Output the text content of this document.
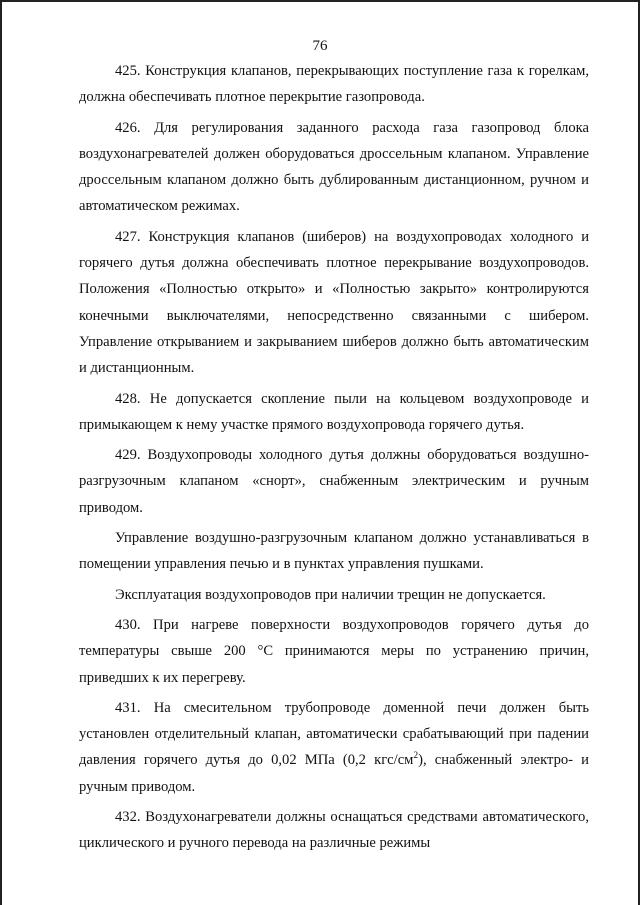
76

425. Конструкция клапанов, перекрывающих поступление газа к горелкам, должна обеспечивать плотное перекрытие газопровода.

426. Для регулирования заданного расхода газа газопровод блока воздухонагревателей должен оборудоваться дроссельным клапаном. Управление дроссельным клапаном должно быть дублированным дистанционном, ручном и автоматическом режимах.

427. Конструкция клапанов (шиберов) на воздухопроводах холодного и горячего дутья должна обеспечивать плотное перекрывание воздухопроводов. Положения «Полностью открыто» и «Полностью закрыто» контролируются конечными выключателями, непосредственно связанными с шибером. Управление открыванием и закрыванием шиберов должно быть автоматическим и дистанционным.

428. Не допускается скопление пыли на кольцевом воздухопроводе и примыкающем к нему участке прямого воздухопровода горячего дутья.

429. Воздухопроводы холодного дутья должны оборудоваться воздушно-разгрузочным клапаном «снорт», снабженным электрическим и ручным приводом.

Управление воздушно-разгрузочным клапаном должно устанавливаться в помещении управления печью и в пунктах управления пушками.

Эксплуатация воздухопроводов при наличии трещин не допускается.

430. При нагреве поверхности воздухопроводов горячего дутья до температуры свыше 200 °С принимаются меры по устранению причин, приведших к их перегреву.

431. На смесительном трубопроводе доменной печи должен быть установлен отделительный клапан, автоматически срабатывающий при падении давления горячего дутья до 0,02 МПа (0,2 кгс/$см^2$), снабженный электро- и ручным приводом.

432. Воздухонагреватели должны оснащаться средствами автоматического, циклического и ручного перевода на различные режимы
